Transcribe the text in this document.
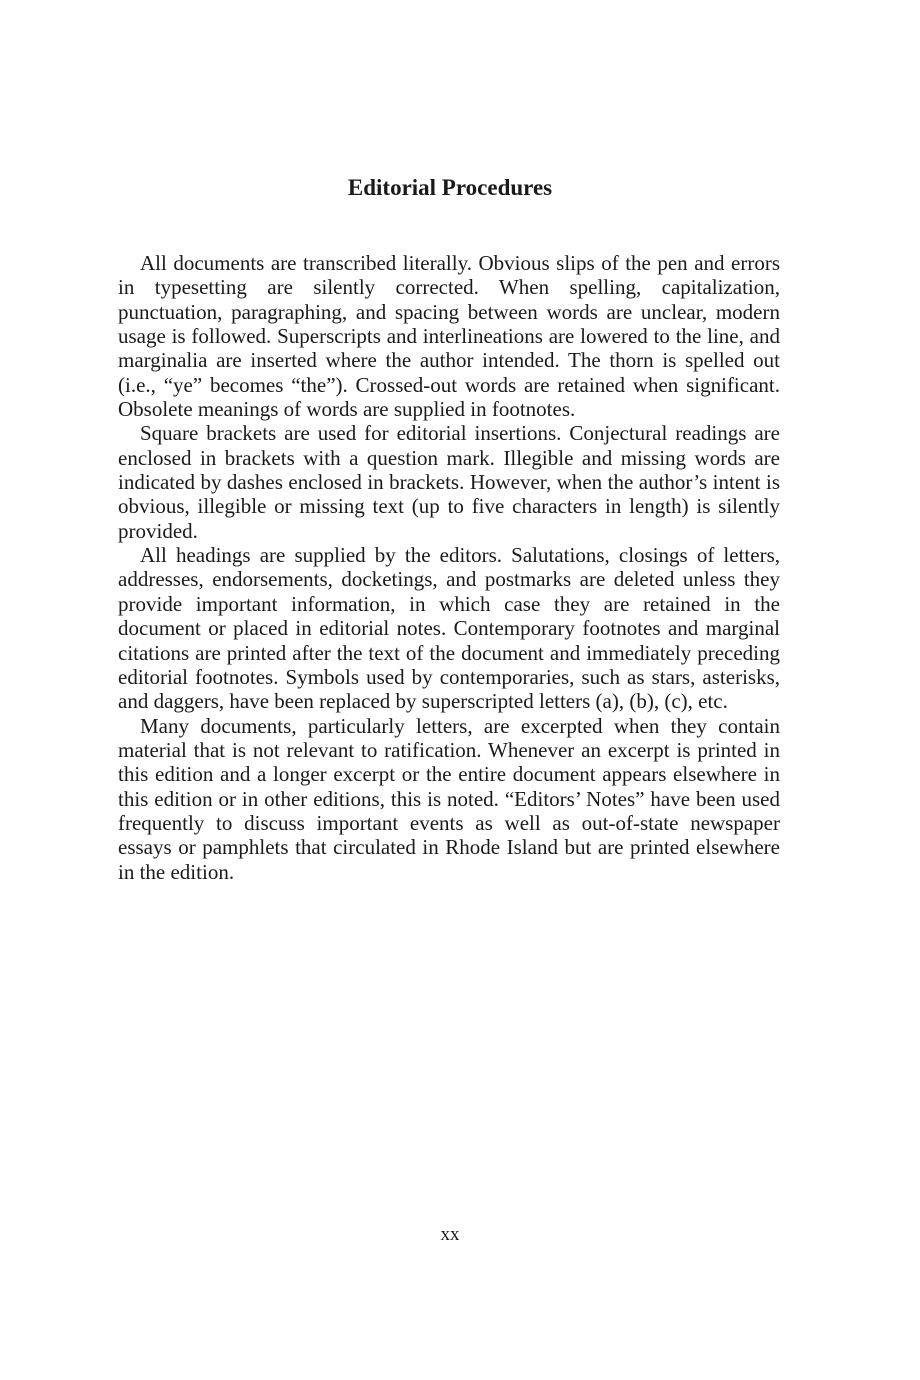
Editorial Procedures

All documents are transcribed literally. Obvious slips of the pen and errors in typesetting are silently corrected. When spelling, capitalization, punctuation, paragraphing, and spacing between words are unclear, modern usage is followed. Superscripts and interlineations are lowered to the line, and marginalia are inserted where the author intended. The thorn is spelled out (i.e., “ye” becomes “the”). Crossed-out words are retained when significant. Obsolete meanings of words are supplied in footnotes.

Square brackets are used for editorial insertions. Conjectural readings are enclosed in brackets with a question mark. Illegible and missing words are indicated by dashes enclosed in brackets. However, when the author’s intent is obvious, illegible or missing text (up to five characters in length) is silently provided.

All headings are supplied by the editors. Salutations, closings of letters, addresses, endorsements, docketings, and postmarks are deleted unless they provide important information, in which case they are retained in the document or placed in editorial notes. Contemporary footnotes and marginal citations are printed after the text of the document and immediately preceding editorial footnotes. Symbols used by contemporaries, such as stars, asterisks, and daggers, have been replaced by superscripted letters (a), (b), (c), etc.

Many documents, particularly letters, are excerpted when they contain material that is not relevant to ratification. Whenever an excerpt is printed in this edition and a longer excerpt or the entire document appears elsewhere in this edition or in other editions, this is noted. “Editors’ Notes” have been used frequently to discuss important events as well as out-of-state newspaper essays or pamphlets that circulated in Rhode Island but are printed elsewhere in the edition.

xx
